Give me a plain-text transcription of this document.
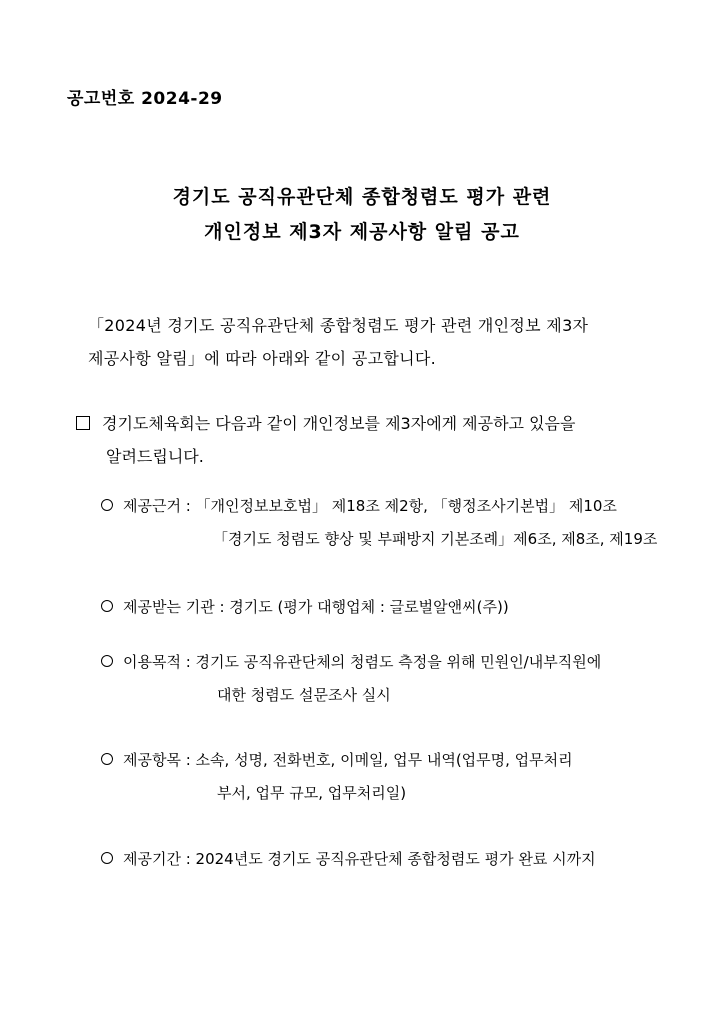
공고번호 2024-29
경기도 공직유관단체 종합청렴도 평가 관련
개인정보 제3자 제공사항 알림 공고
「2024년 경기도 공직유관단체 종합청렴도 평가 관련 개인정보 제3자
제공사항 알림」에 따라 아래와 같이 공고합니다.
경기도체육회는 다음과 같이 개인정보를 제3자에게 제공하고 있음을
알려드립니다.
제공근거 : 「개인정보보호법」 제18조 제2항, 「행정조사기본법」 제10조
「경기도 청렴도 향상 및 부패방지 기본조례」제6조, 제8조, 제19조
제공받는 기관 : 경기도 (평가 대행업체 : 글로벌알앤씨(주))
이용목적 : 경기도 공직유관단체의 청렴도 측정을 위해 민원인/내부직원에
대한 청렴도 설문조사 실시
제공항목 : 소속, 성명, 전화번호, 이메일, 업무 내역(업무명, 업무처리
부서, 업무 규모, 업무처리일)
제공기간 : 2024년도 경기도 공직유관단체 종합청렴도 평가 완료 시까지
